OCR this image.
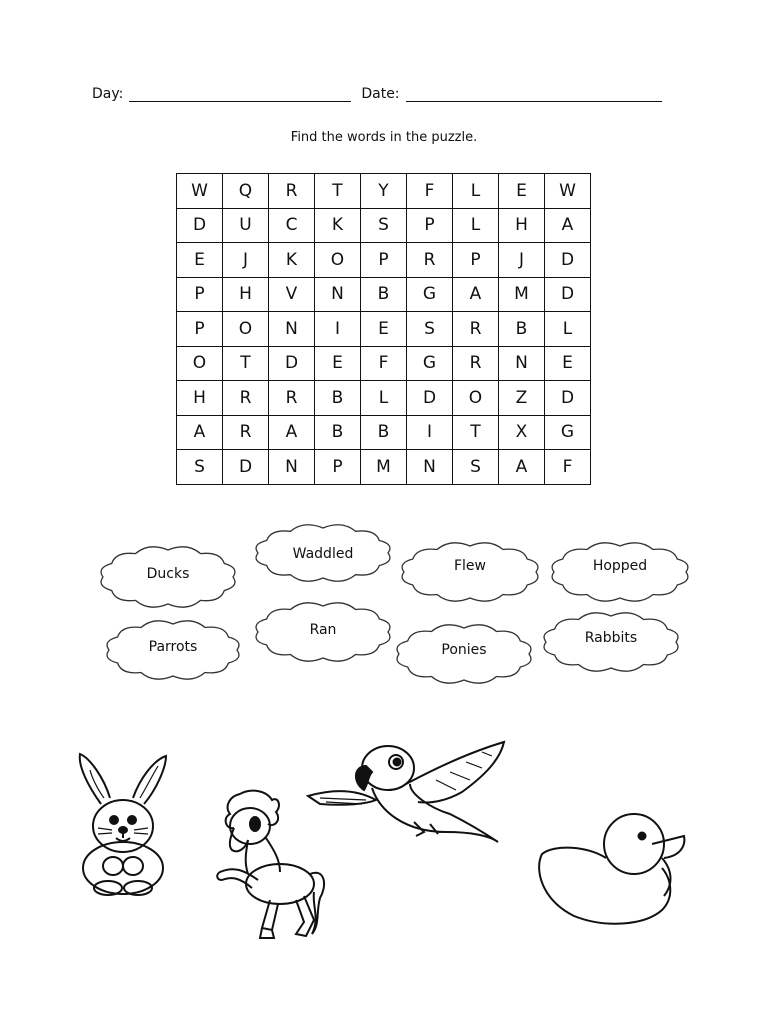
Day:	Date:
Find the words in the puzzle.
W	Q	R	T	Y	F	L	E	W
D	U	C	K	S	P	L	H	A
E	J	K	O	P	R	P	J	D
P	H	V	N	B	G	A	M	D
P	O	N	I	E	S	R	B	L
O	T	D	E	F	G	R	N	E
H	R	R	B	L	D	O	Z	D
A	R	A	B	B	I	T	X	G
S	D	N	P	M	N	S	A	F
Ducks
Waddled
Flew	Hopped
Parrots
Ran
Ponies
Rabbits
